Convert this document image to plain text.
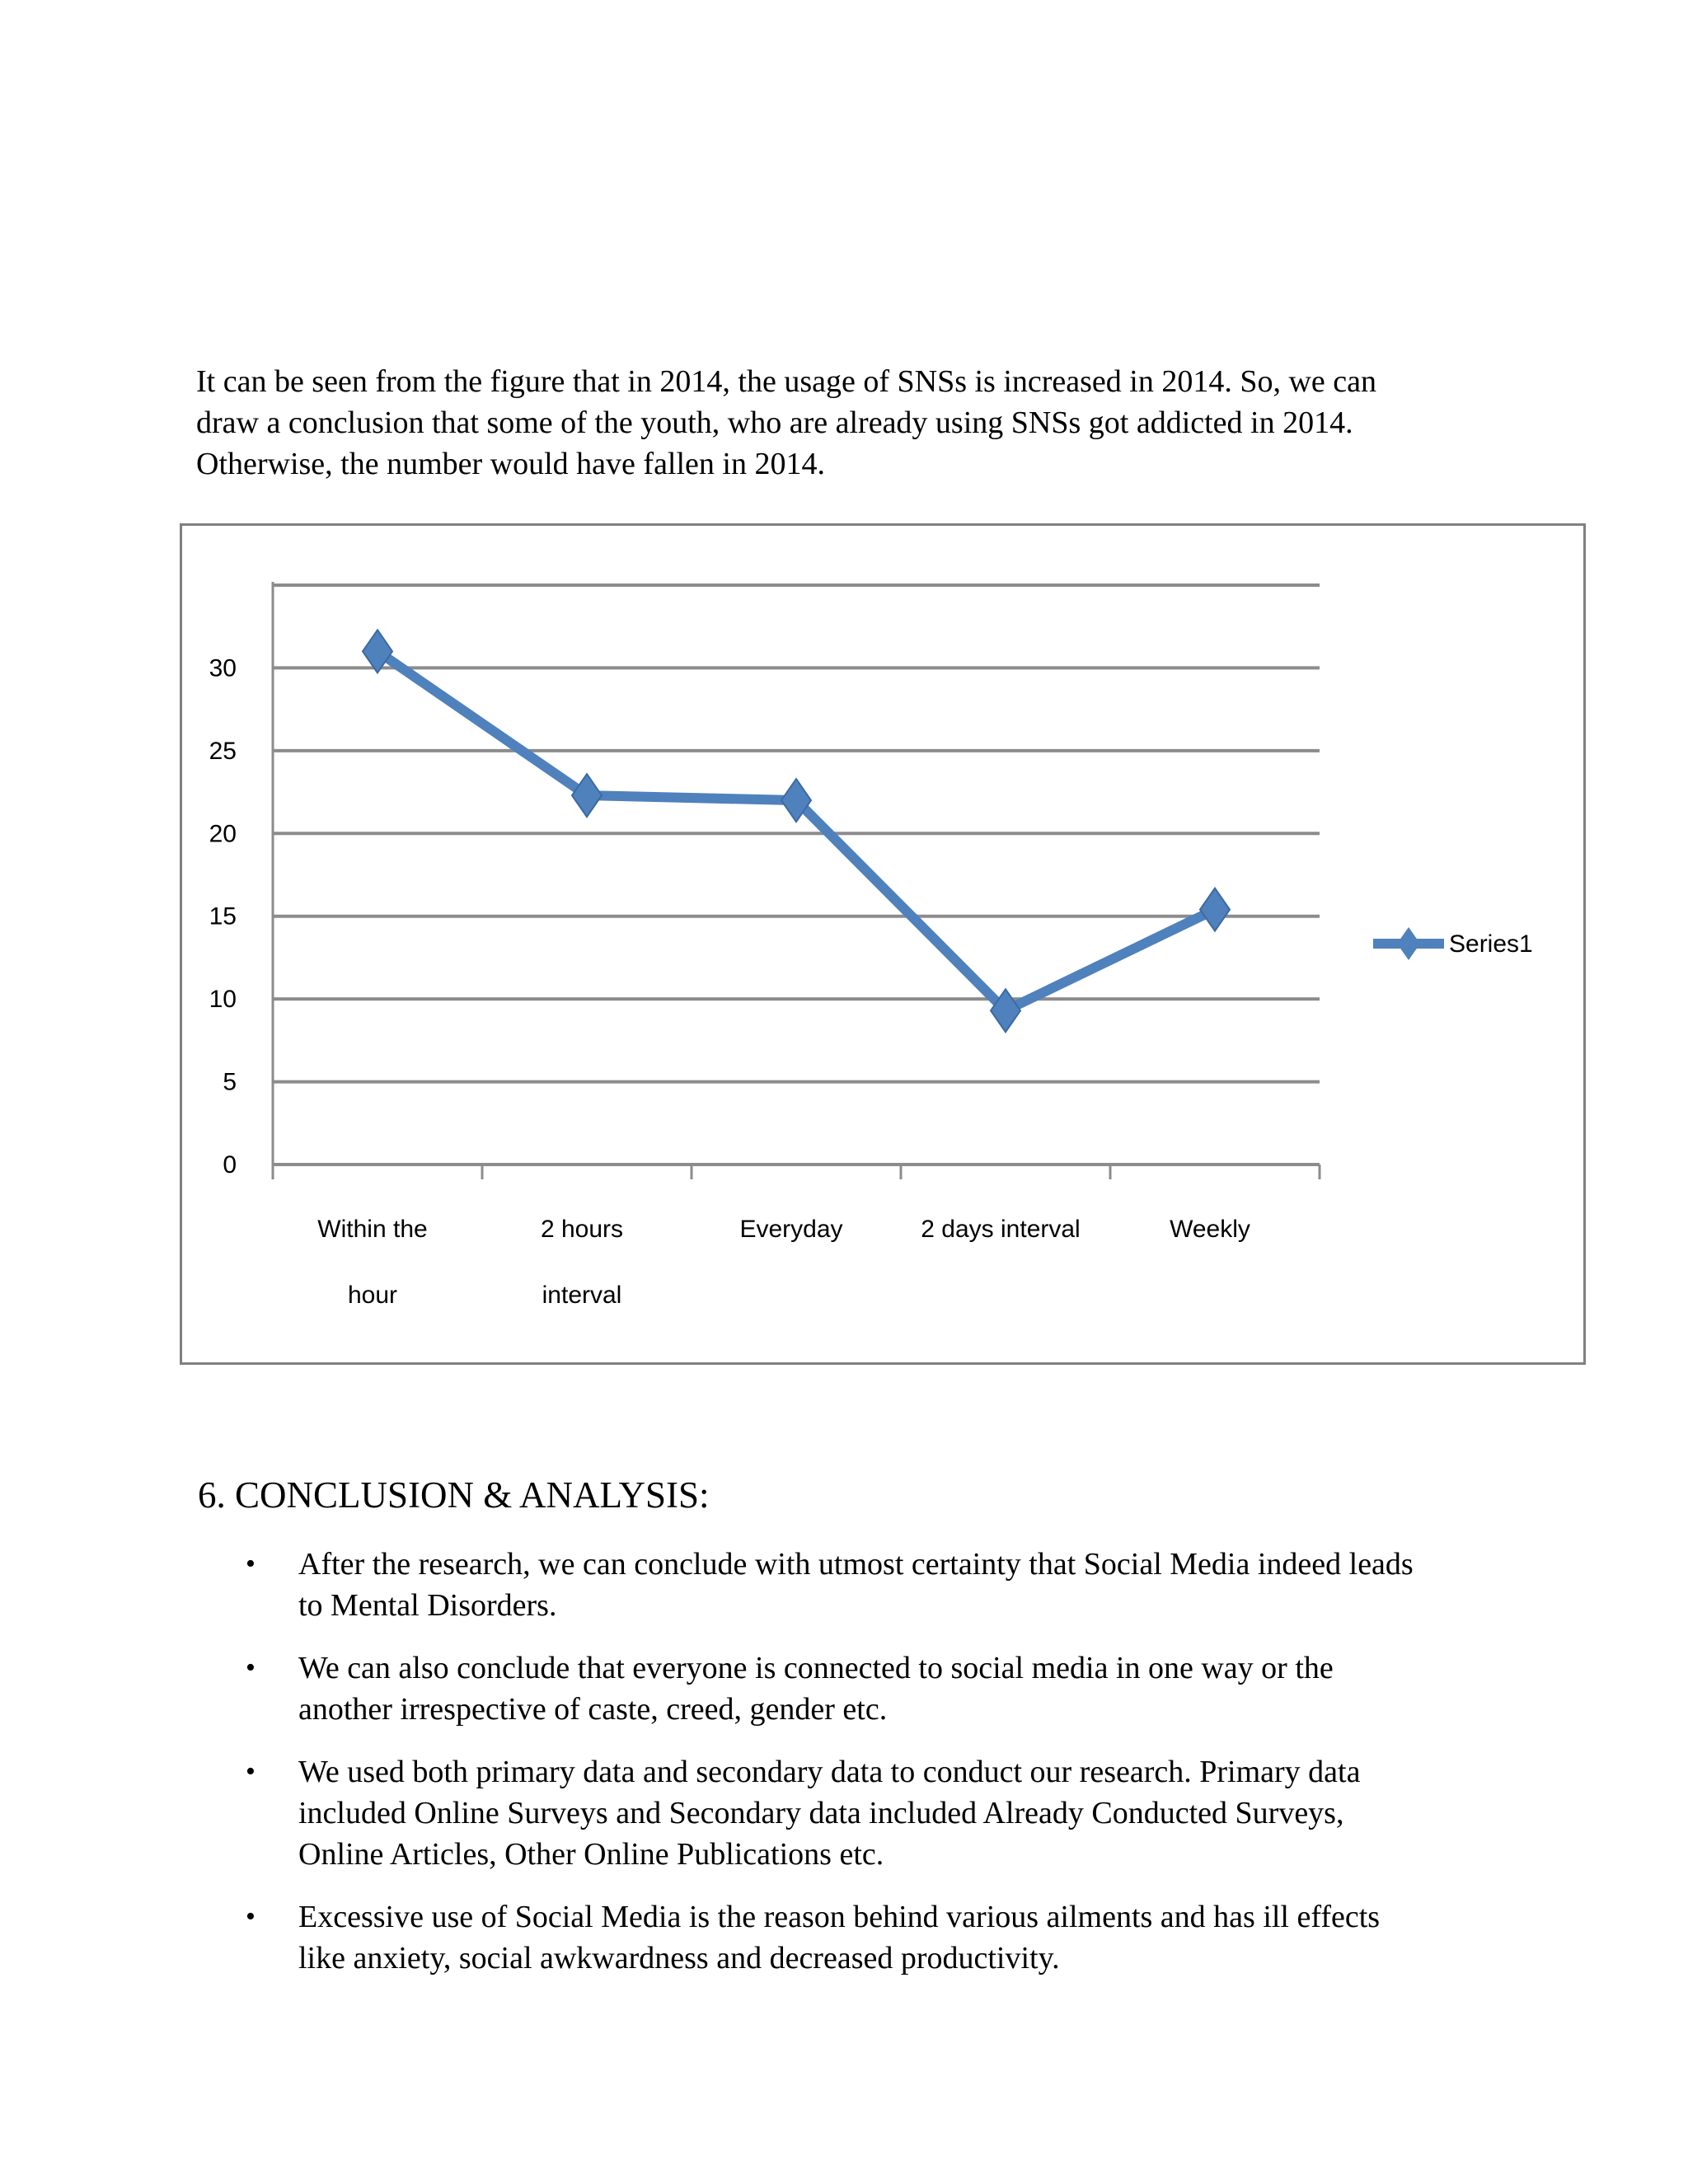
It can be seen from the figure that in 2014, the usage of SNSs is increased in 2014. So, we can
draw a conclusion that some of the youth, who are already using SNSs got addicted in 2014.
Otherwise, the number would have fallen in 2014.

0
5
10
15
20
25
30
Within the
hour
2 hours
interval
Everyday	2 days interval	Weekly
Series1
6. CONCLUSION & ANALYSIS:
• After the research, we can conclude with utmost certainty that Social Media indeed leads
to Mental Disorders.
• We can also conclude that everyone is connected to social media in one way or the
another irrespective of caste, creed, gender etc.
• We used both primary data and secondary data to conduct our research. Primary data
included Online Surveys and Secondary data included Already Conducted Surveys,
Online Articles, Other Online Publications etc.
• Excessive use of Social Media is the reason behind various ailments and has ill effects
like anxiety, social awkwardness and decreased productivity.
